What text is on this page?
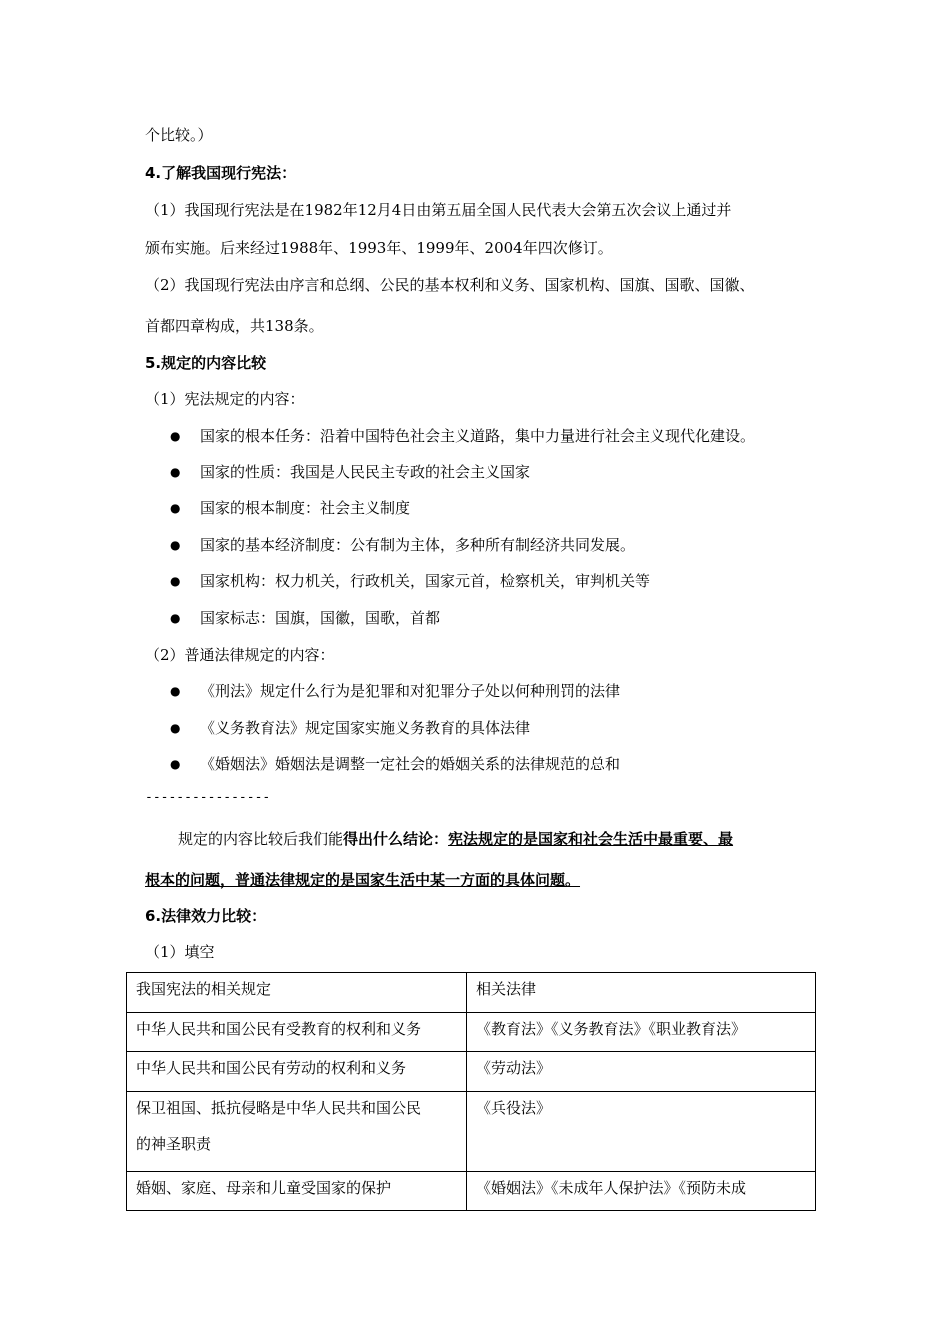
个比较。）
4.了解我国现行宪法：
（1）我国现行宪法是在1982年12月4日由第五届全国人民代表大会第五次会议上通过并
颁布实施。后来经过1988年、1993年、1999年、2004年四次修订。
（2）我国现行宪法由序言和总纲、公民的基本权利和义务、国家机构、国旗、国歌、国徽、
首都四章构成，共138条。
5.规定的内容比较
（1）宪法规定的内容：
● 国家的根本任务：沿着中国特色社会主义道路，集中力量进行社会主义现代化建设。
● 国家的性质：我国是人民民主专政的社会主义国家
● 国家的根本制度：社会主义制度
● 国家的基本经济制度：公有制为主体，多种所有制经济共同发展。
● 国家机构：权力机关，行政机关，国家元首，检察机关，审判机关等
● 国家标志：国旗，国徽，国歌，首都
（2）普通法律规定的内容：
● 《刑法》规定什么行为是犯罪和对犯罪分子处以何种刑罚的法律
● 《义务教育法》规定国家实施义务教育的具体法律
● 《婚姻法》婚姻法是调整一定社会的婚姻关系的法律规范的总和
----------------
规定的内容比较后我们能得出什么结论：宪法规定的是国家和社会生活中最重要、最
根本的问题，普通法律规定的是国家生活中某一方面的具体问题。
6.法律效力比较：
（1）填空
我国宪法的相关规定	相关法律
中华人民共和国公民有受教育的权利和义务	《教育法》《义务教育法》《职业教育法》
中华人民共和国公民有劳动的权利和义务	《劳动法》

保卫祖国、抵抗侵略是中华人民共和国公民
的神圣职责	《兵役法》
婚姻、家庭、母亲和儿童受国家的保护	《婚姻法》《未成年人保护法》《预防未成
